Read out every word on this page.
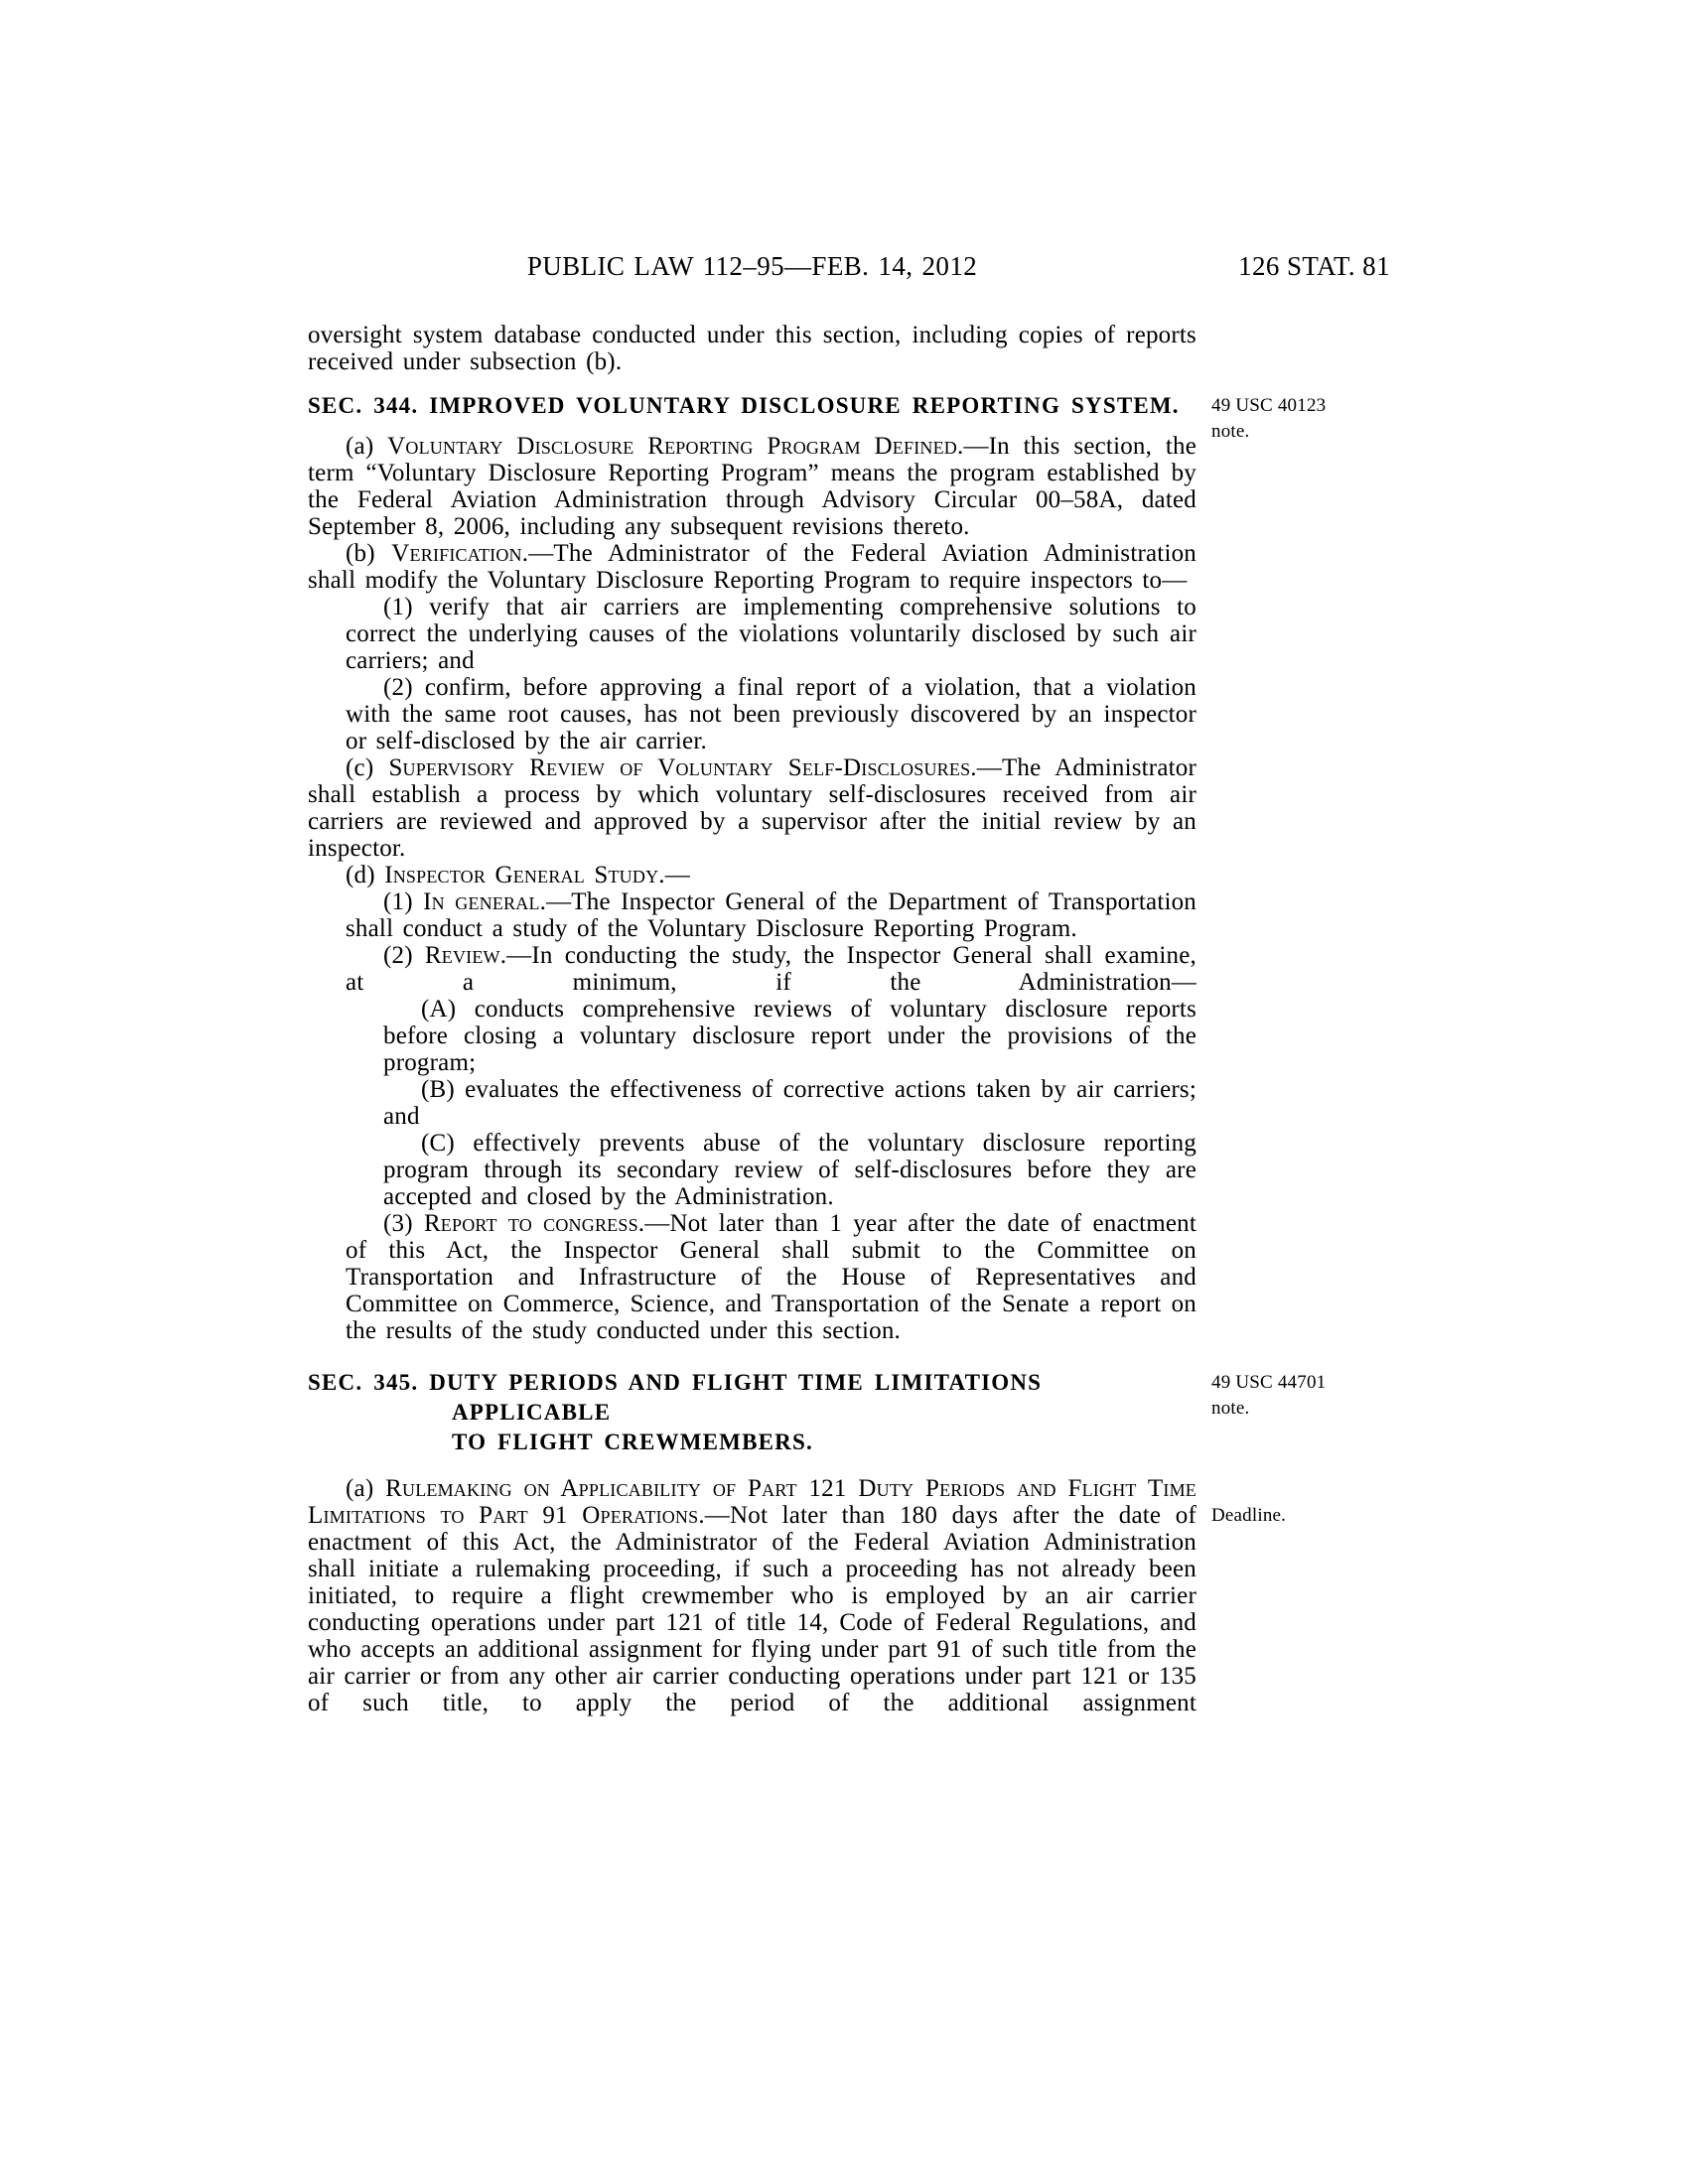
PUBLIC LAW 112–95—FEB. 14, 2012	126 STAT. 81

oversight system database conducted under this section, including copies of reports received under subsection (b).

SEC. 344. IMPROVED VOLUNTARY DISCLOSURE REPORTING SYSTEM.	49 USC 40123
note.

(a) Voluntary Disclosure Reporting Program Defined.—In this section, the term “Voluntary Disclosure Reporting Program” means the program established by the Federal Aviation Administration through Advisory Circular 00–58A, dated September 8, 2006, including any subsequent revisions thereto.

(b) Verification.—The Administrator of the Federal Aviation Administration shall modify the Voluntary Disclosure Reporting Program to require inspectors to—

(1) verify that air carriers are implementing comprehensive solutions to correct the underlying causes of the violations voluntarily disclosed by such air carriers; and

(2) confirm, before approving a final report of a violation, that a violation with the same root causes, has not been previously discovered by an inspector or self-disclosed by the air carrier.

(c) Supervisory Review of Voluntary Self-Disclosures.—The Administrator shall establish a process by which voluntary self-disclosures received from air carriers are reviewed and approved by a supervisor after the initial review by an inspector.

(d) Inspector General Study.—

(1) In general.—The Inspector General of the Department of Transportation shall conduct a study of the Voluntary Disclosure Reporting Program.

(2) Review.—In conducting the study, the Inspector General shall examine, at a minimum, if the Administration—

(A) conducts comprehensive reviews of voluntary disclosure reports before closing a voluntary disclosure report under the provisions of the program;

(B) evaluates the effectiveness of corrective actions taken by air carriers; and

(C) effectively prevents abuse of the voluntary disclosure reporting program through its secondary review of self-disclosures before they are accepted and closed by the Administration.

(3) Report to congress.—Not later than 1 year after the date of enactment of this Act, the Inspector General shall submit to the Committee on Transportation and Infrastructure of the House of Representatives and Committee on Commerce, Science, and Transportation of the Senate a report on the results of the study conducted under this section.

SEC. 345. DUTY PERIODS AND FLIGHT TIME LIMITATIONS APPLICABLE
TO FLIGHT CREWMEMBERS.
49 USC 44701
note.

(a) Rulemaking on Applicability of Part 121 Duty Periods and Flight Time Limitations to Part 91 Operations.—Not later than 180 days after the date of enactment of this Act, the Administrator of the Federal Aviation Administration shall initiate a rulemaking proceeding, if such a proceeding has not already been initiated, to require a flight crewmember who is employed by an air carrier conducting operations under part 121 of title 14, Code of Federal Regulations, and who accepts an additional assignment for flying under part 91 of such title from the air carrier or from any other air carrier conducting operations under part 121 or 135 of such title, to apply the period of the additional assignment

Deadline.
